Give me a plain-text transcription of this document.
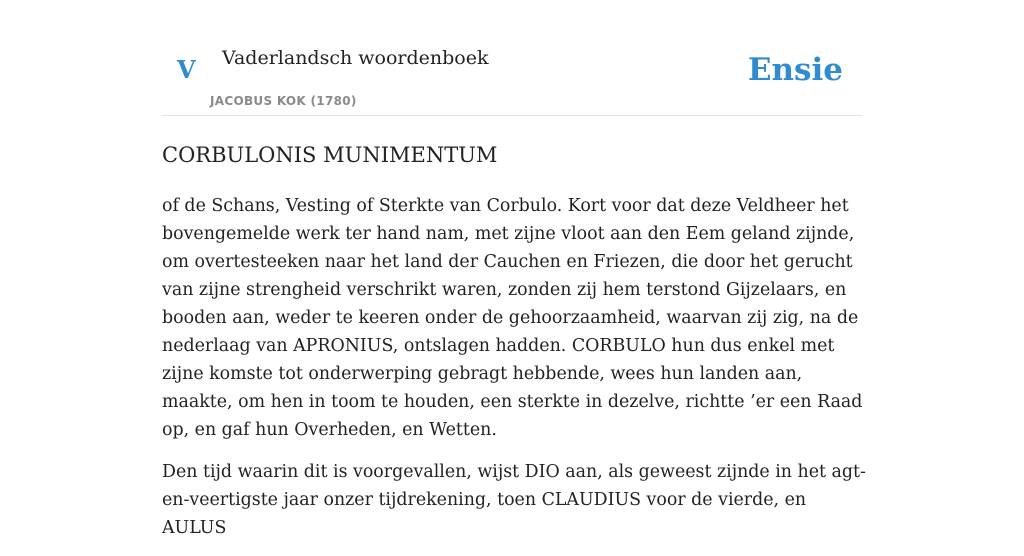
V Vaderlandsch woordenboek
JACOBUS KOK (1780)
Ensie
CORBULONIS MUNIMENTUM

of de Schans, Vesting of Sterkte van Corbulo. Kort voor dat deze Veldheer het bovengemelde werk ter hand nam, met zijne vloot aan den Eem geland zijnde, om overtesteeken naar het land der Cauchen en Friezen, die door het gerucht van zijne strengheid verschrikt waren, zonden zij hem terstond Gijzelaars, en booden aan, weder te keeren onder de gehoorzaamheid, waarvan zij zig, na de nederlaag van APRONIUS, ontslagen hadden. CORBULO hun dus enkel met zijne komste tot onderwerping gebragt hebbende, wees hun landen aan, maakte, om hen in toom te houden, een sterkte in dezelve, richtte ’er een Raad op, en gaf hun Overheden, en Wetten.

Den tijd waarin dit is voorgevallen, wijst DIO aan, als geweest zijnde in het agt-en-veertigste jaar onzer tijdrekening, toen CLAUDIUS voor de vierde, en AULUS
